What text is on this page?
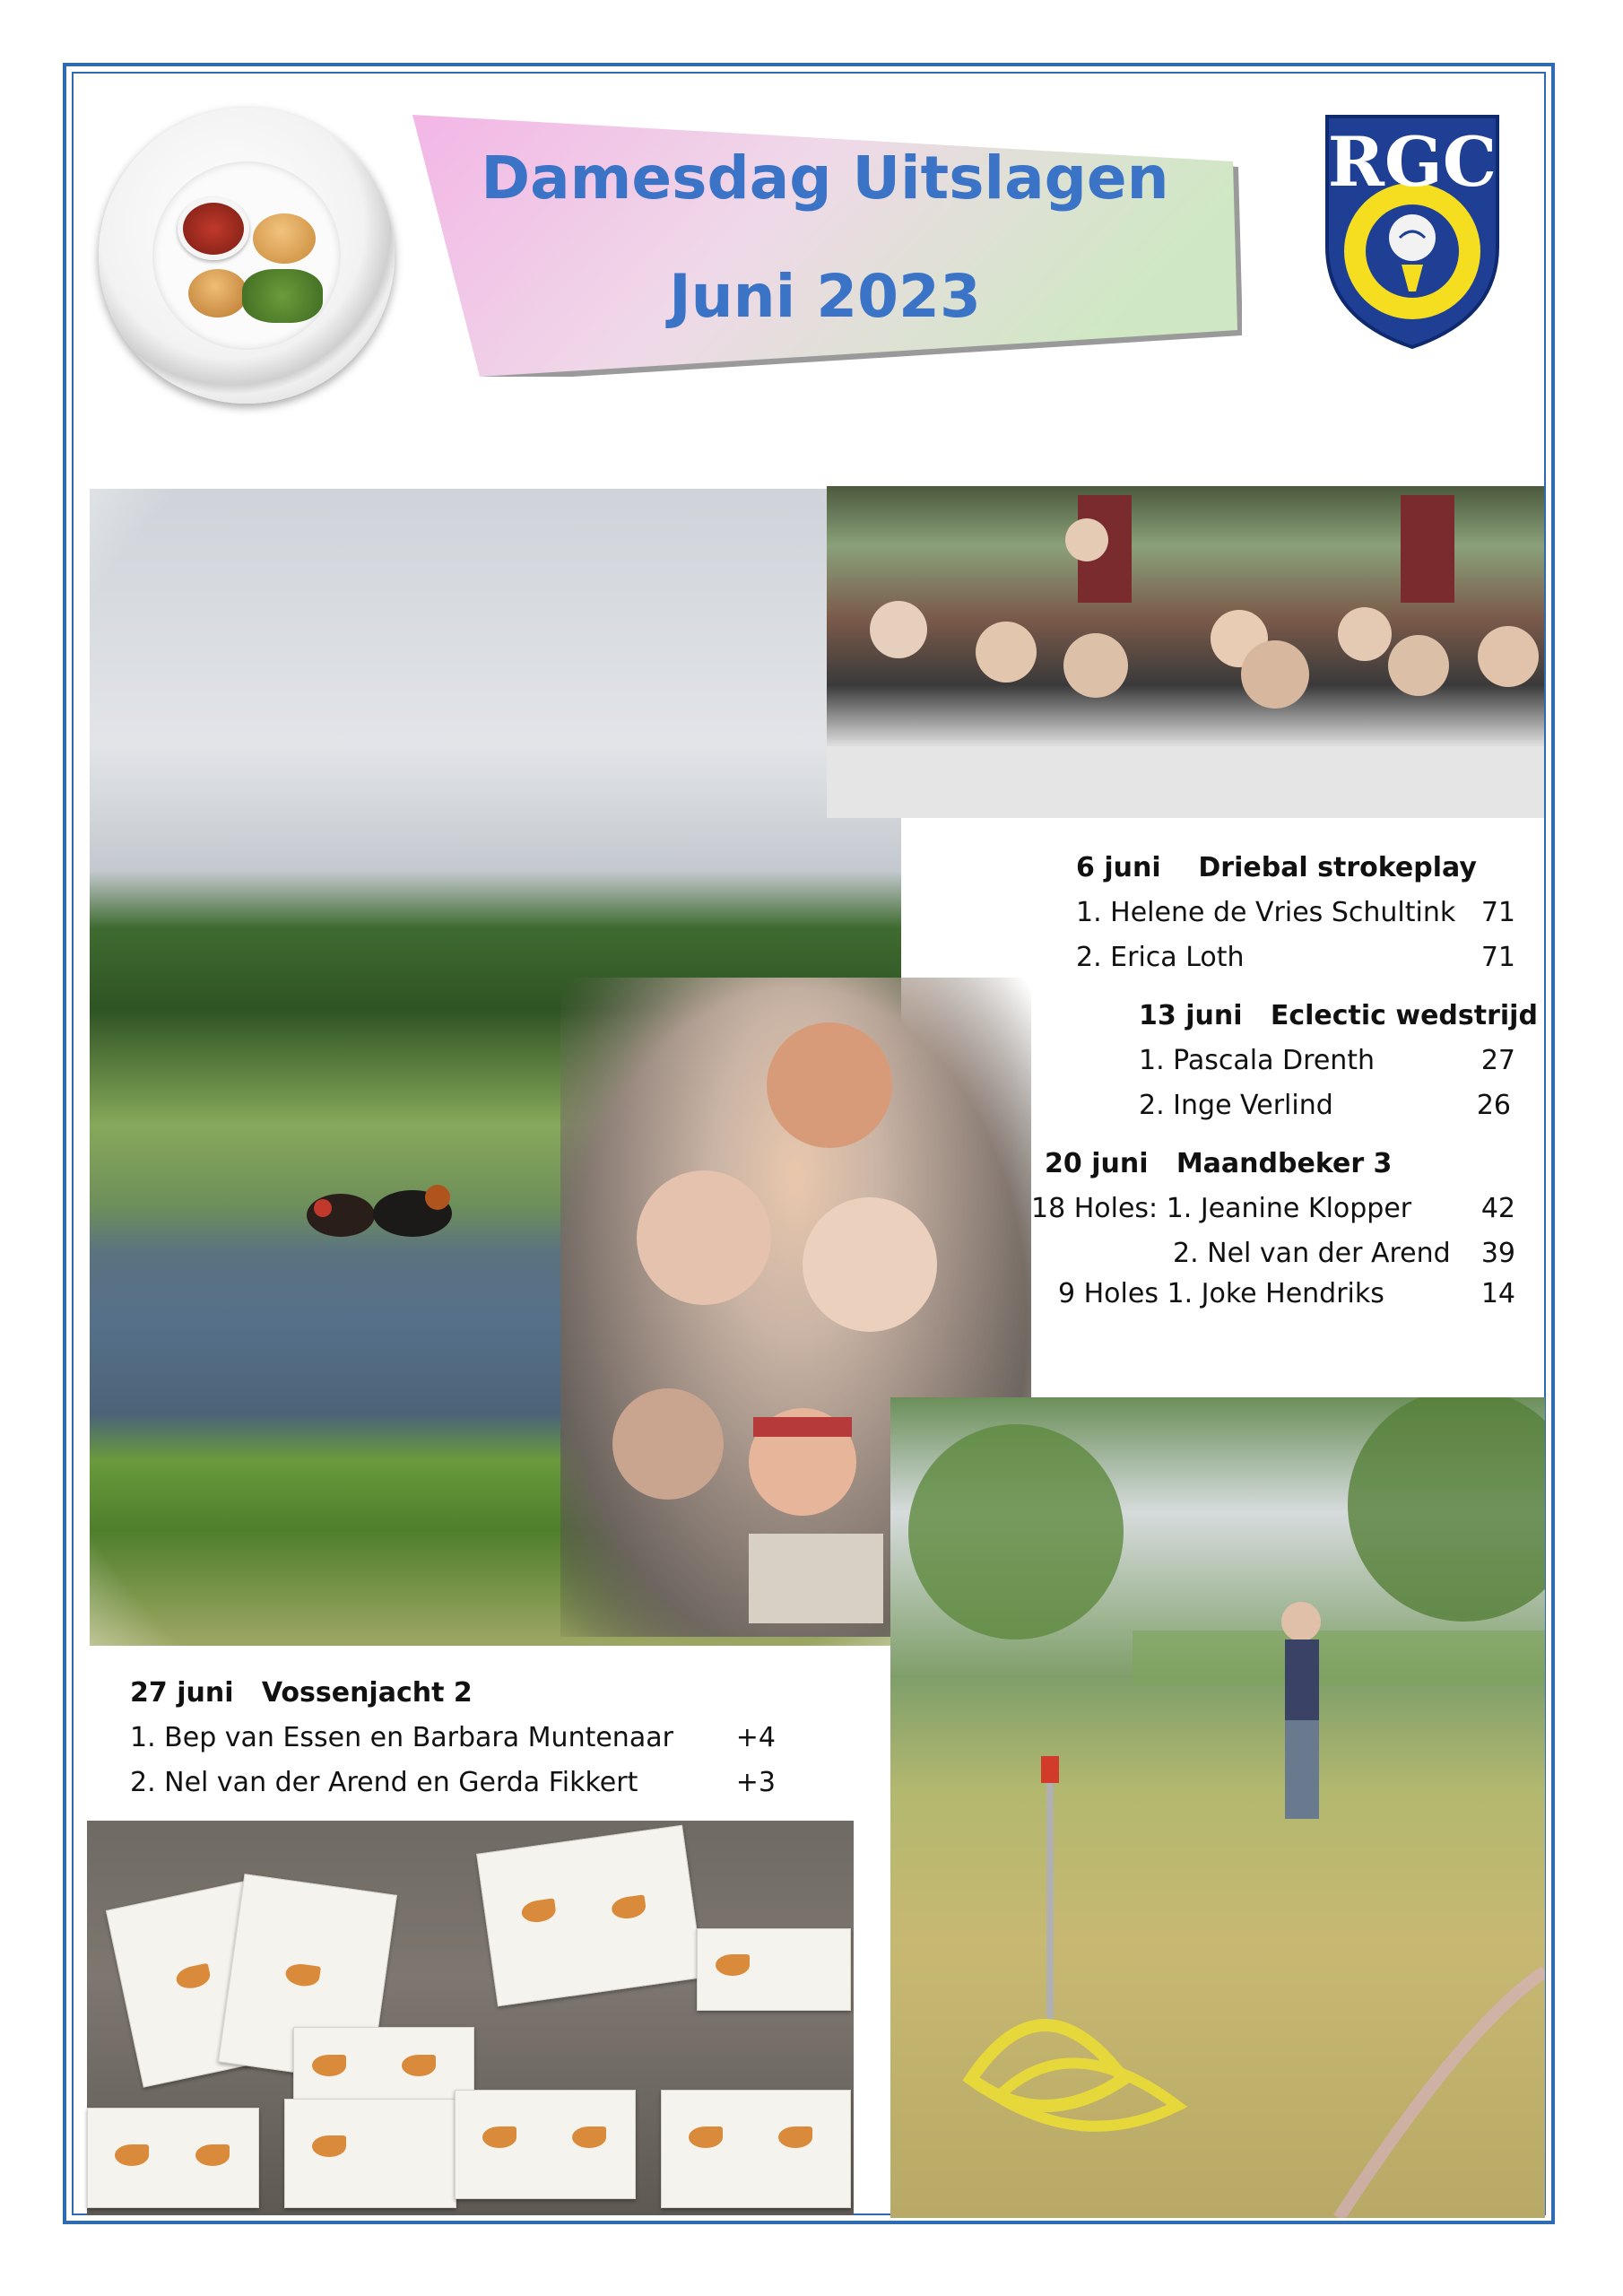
Damesdag Uitslagen
Juni 2023
RGC
6 juni Driebal strokeplay
1. Helene de Vries Schultink 71
2. Erica Loth	71
13 juni Eclectic wedstrijd
1. Pascala Drenth	27
2. Inge Verlind	26
20 juni Maandbeker 3
18 Holes: 1. Jeanine Klopper	42
2. Nel van der Arend	39
9 Holes 1. Joke Hendriks	14
27 juni Vossenjacht 2
1. Bep van Essen en Barbara Muntenaar	+4
2. Nel van der Arend en Gerda Fikkert	+3
